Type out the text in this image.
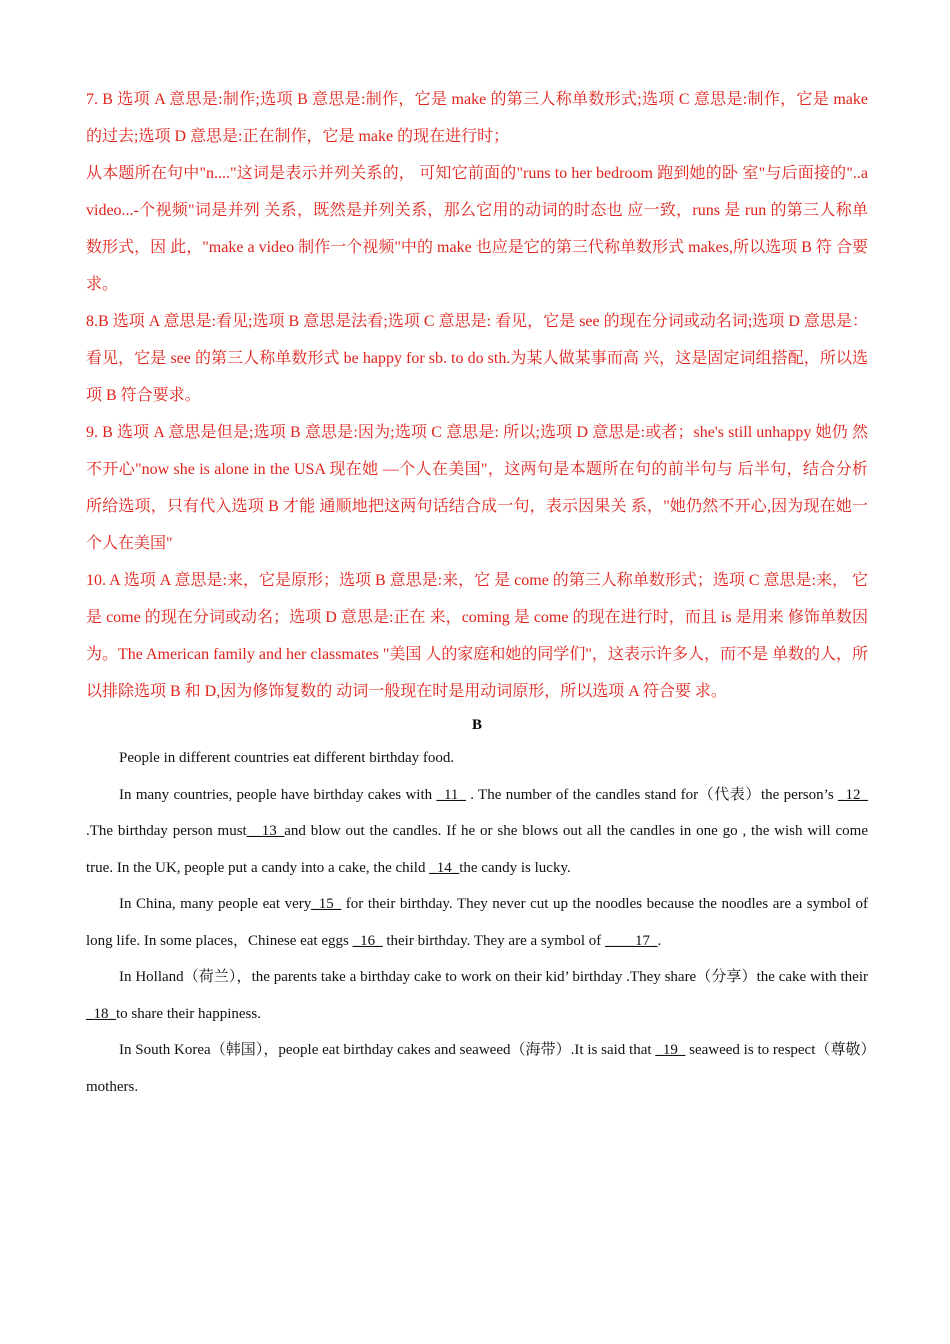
7. B 选项 A 意思是:制作;选项 B 意思是:制作，它是 make 的第三人称单数形式;选项 C 意思是:制作，它是 make 的过去;选项 D 意思是:正在制作，它是 make 的现在进行时；
从本题所在句中"n...."这词是表示并列关系的， 可知它前面的"runs to her bedroom 跑到她的卧 室"与后面接的"..a video...-个视频"词是并列 关系，既然是并列关系，那么它用的动词的时态也 应一致，runs 是 run 的第三人称单数形式，因 此，"make a video 制作一个视频"中的 make 也应是它的第三代称单数形式 makes,所以选项 B 符 合要求。

8.B 选项 A 意思是:看见;选项 B 意思是法看;选项 C 意思是: 看见，它是 see 的现在分词或动名词;选项 D 意思是： 看见，它是 see 的第三人称单数形式 be happy for sb. to do sth.为某人做某事而高 兴，这是固定词组搭配，所以选项 B 符合要求。

9. B 选项 A 意思是但是;选项 B 意思是:因为;选项 C 意思是: 所以;选项 D 意思是:或者；she's still unhappy 她仍 然不开心"now she is alone in the USA 现在她 —个人在美国"，这两句是本题所在句的前半句与 后半句，结合分析所给选项，只有代入选项 B 才能 通顺地把这两句话结合成一句，表示因果关 系，"她仍然不开心,因为现在她一个人在美国"

10. A 选项 A 意思是:来，它是原形；选项 B 意思是:来，它 是 come 的第三人称单数形式；选项 C 意思是:来， 它是 come 的现在分词或动名；选项 D 意思是:正在 来，coming 是 come 的现在进行时，而且 is 是用来 修饰单数因为。The American family and her classmates "美国 人的家庭和她的同学们"，这表示许多人，而不是 单数的人，所以排除选项 B 和 D,因为修饰复数的 动词一般现在时是用动词原形，所以选项 A 符合要 求。

B

People in different countries eat different birthday food.

In many countries, people have birthday cakes with _11_ . The number of the candles stand for（代表）the person’s _12_ .The birthday person must__13_and blow out the candles. If he or she blows out all the candles in one go , the wish will come true. In the UK, people put a candy into a cake, the child _14_the candy is lucky.

In China, many people eat very_15_ for their birthday. They never cut up the noodles because the noodles are a symbol of long life. In some places，Chinese eat eggs _16_ their birthday. They are a symbol of ____17_.

In Holland（荷兰），the parents take a birthday cake to work on their kid’ birthday .They share（分享）the cake with their _18_to share their happiness.

In South Korea（韩国），people eat birthday cakes and seaweed（海带）.It is said that _19_ seaweed is to respect（尊敬）mothers.
